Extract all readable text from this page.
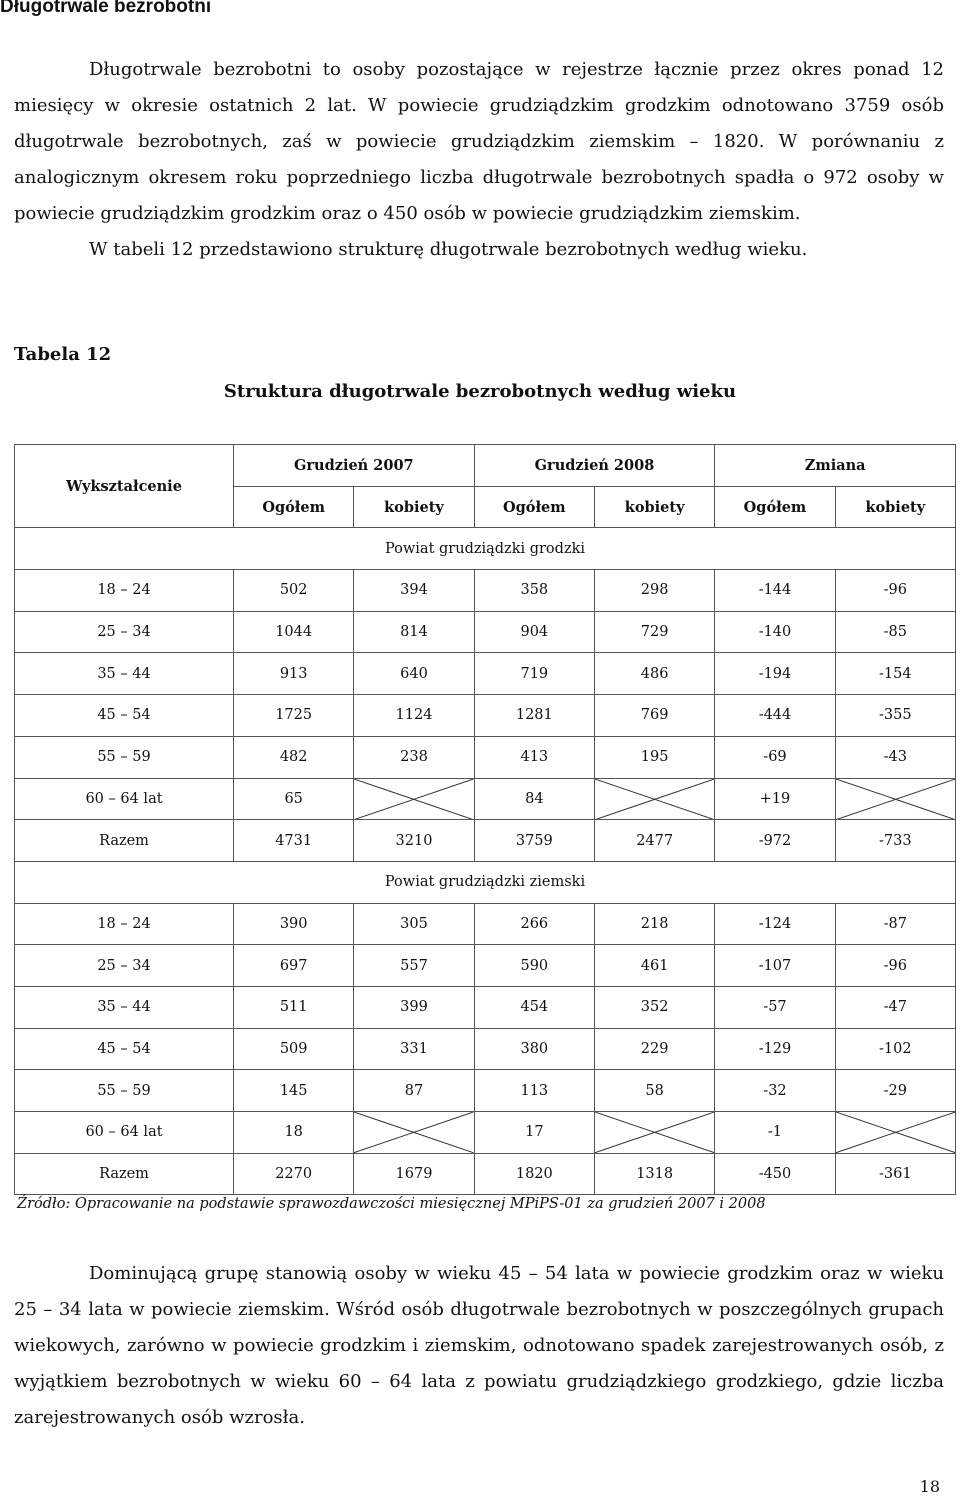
Długotrwale bezrobotni

Długotrwale bezrobotni to osoby pozostające w rejestrze łącznie przez okres ponad 12 miesięcy w okresie ostatnich 2 lat. W powiecie grudziądzkim grodzkim odnotowano 3759 osób długotrwale bezrobotnych, zaś w powiecie grudziądzkim ziemskim – 1820. W porównaniu z analogicznym okresem roku poprzedniego liczba długotrwale bezrobotnych spadła o 972 osoby w powiecie grudziądzkim grodzkim oraz o 450 osób w powiecie grudziądzkim ziemskim.

W tabeli 12 przedstawiono strukturę długotrwale bezrobotnych według wieku.

Tabela 12
Struktura długotrwale bezrobotnych według wieku
Wykształcenie	Grudzień 2007		Grudzień 2008		Zmiana	
	Ogółem	kobiety	Ogółem	kobiety	Ogółem	kobiety
Powiat grudziądzki grodzki						
18 – 24	502	394	358	298	-144	-96
25 – 34	1044	814	904	729	-140	-85
35 – 44	913	640	719	486	-194	-154
45 – 54	1725	1124	1281	769	-444	-355
55 – 59	482	238	413	195	-69	-43
60 – 64 lat	65		84		+19	

Razem	4731	3210	3759	2477	-972	-733
Powiat grudziądzki ziemski						
18 – 24	390	305	266	218	-124	-87
25 – 34	697	557	590	461	-107	-96
35 – 44	511	399	454	352	-57	-47
45 – 54	509	331	380	229	-129	-102
55 – 59	145	87	113	58	-32	-29
60 – 64 lat	18		17		-1	

Razem	2270	1679	1820	1318	-450	-361
Źródło: Opracowanie na podstawie sprawozdawczości miesięcznej MPiPS-01 za grudzień 2007 i 2008

Dominującą grupę stanowią osoby w wieku 45 – 54 lata w powiecie grodzkim oraz w wieku 25 – 34 lata w powiecie ziemskim. Wśród osób długotrwale bezrobotnych w poszczególnych grupach wiekowych, zarówno w powiecie grodzkim i ziemskim, odnotowano spadek zarejestrowanych osób, z wyjątkiem bezrobotnych w wieku 60 – 64 lata z powiatu grudziądzkiego grodzkiego, gdzie liczba zarejestrowanych osób wzrosła.

18
